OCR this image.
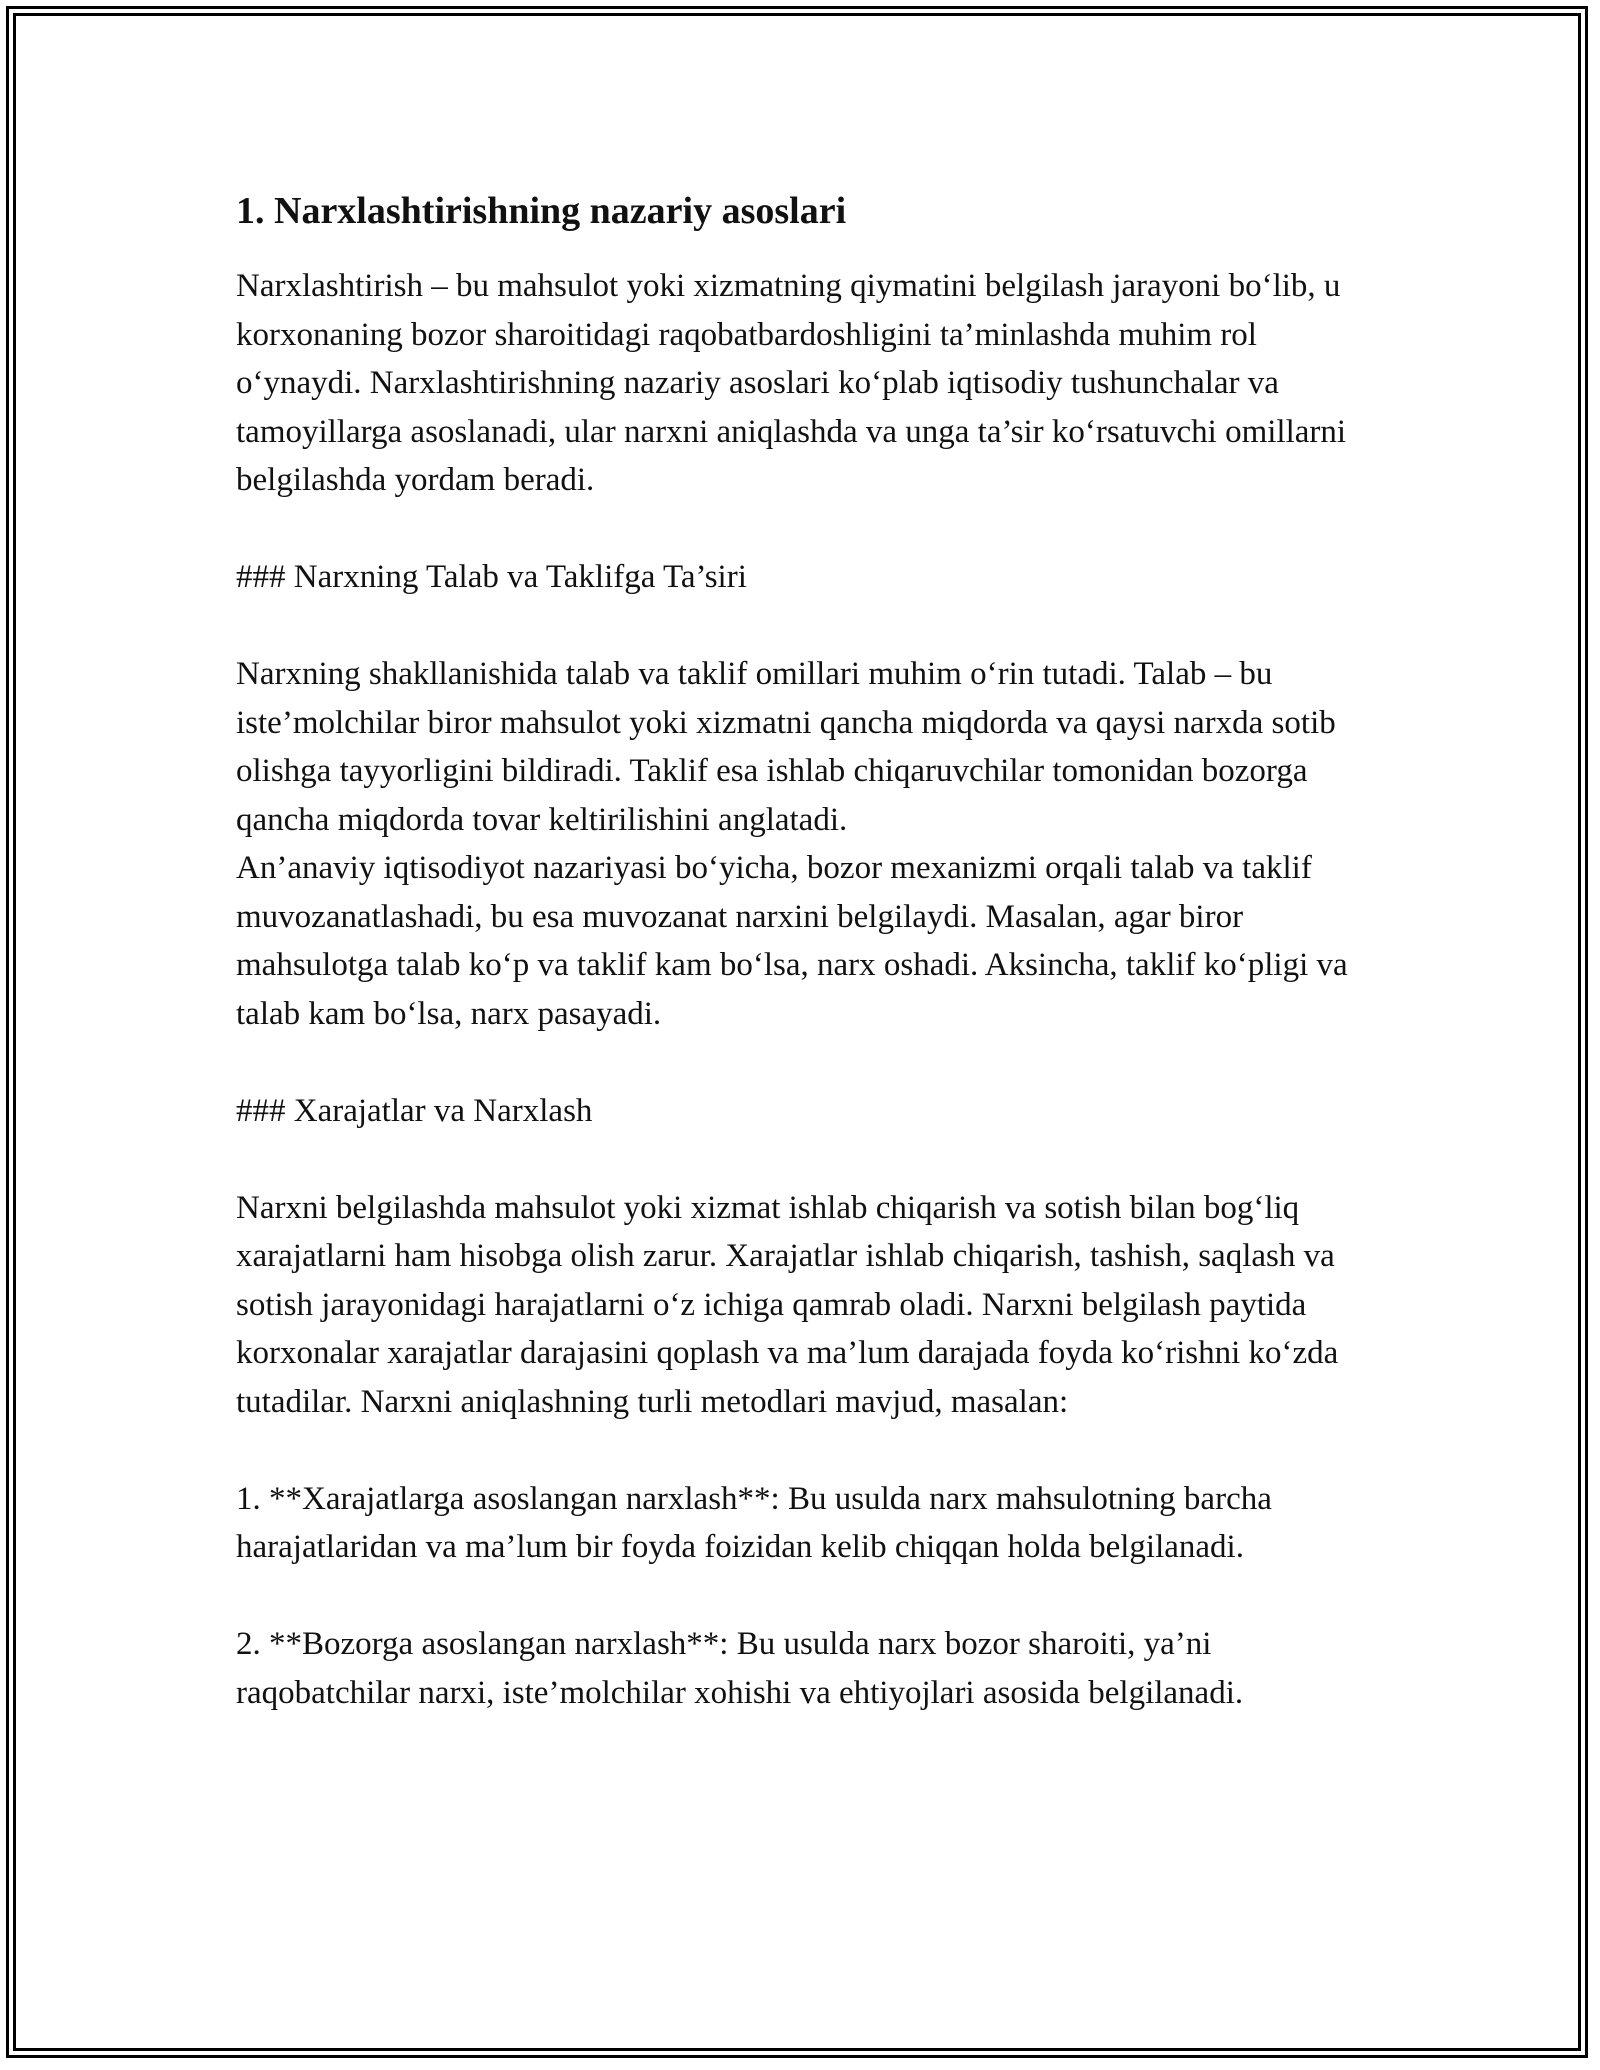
1. Narxlashtirishning nazariy asoslari

Narxlashtirish – bu mahsulot yoki xizmatning qiymatini belgilash jarayoni bo‘lib, u korxonaning bozor sharoitidagi raqobatbardoshligini ta’minlashda muhim rol o‘ynaydi. Narxlashtirishning nazariy asoslari ko‘plab iqtisodiy tushunchalar va tamoyillarga asoslanadi, ular narxni aniqlashda va unga ta’sir ko‘rsatuvchi omillarni belgilashda yordam beradi.

### Narxning Talab va Taklifga Ta’siri

Narxning shakllanishida talab va taklif omillari muhim o‘rin tutadi. Talab – bu iste’molchilar biror mahsulot yoki xizmatni qancha miqdorda va qaysi narxda sotib olishga tayyorligini bildiradi. Taklif esa ishlab chiqaruvchilar tomonidan bozorga qancha miqdorda tovar keltirilishini anglatadi.

An’anaviy iqtisodiyot nazariyasi bo‘yicha, bozor mexanizmi orqali talab va taklif muvozanatlashadi, bu esa muvozanat narxini belgilaydi. Masalan, agar biror mahsulotga talab ko‘p va taklif kam bo‘lsa, narx oshadi. Aksincha, taklif ko‘pligi va talab kam bo‘lsa, narx pasayadi.

### Xarajatlar va Narxlash

Narxni belgilashda mahsulot yoki xizmat ishlab chiqarish va sotish bilan bog‘liq xarajatlarni ham hisobga olish zarur. Xarajatlar ishlab chiqarish, tashish, saqlash va sotish jarayonidagi harajatlarni o‘z ichiga qamrab oladi. Narxni belgilash paytida korxonalar xarajatlar darajasini qoplash va ma’lum darajada foyda ko‘rishni ko‘zda tutadilar. Narxni aniqlashning turli metodlari mavjud, masalan:

1. **Xarajatlarga asoslangan narxlash**: Bu usulda narx mahsulotning barcha harajatlaridan va ma’lum bir foyda foizidan kelib chiqqan holda belgilanadi.

2. **Bozorga asoslangan narxlash**: Bu usulda narx bozor sharoiti, ya’ni raqobatchilar narxi, iste’molchilar xohishi va ehtiyojlari asosida belgilanadi.
